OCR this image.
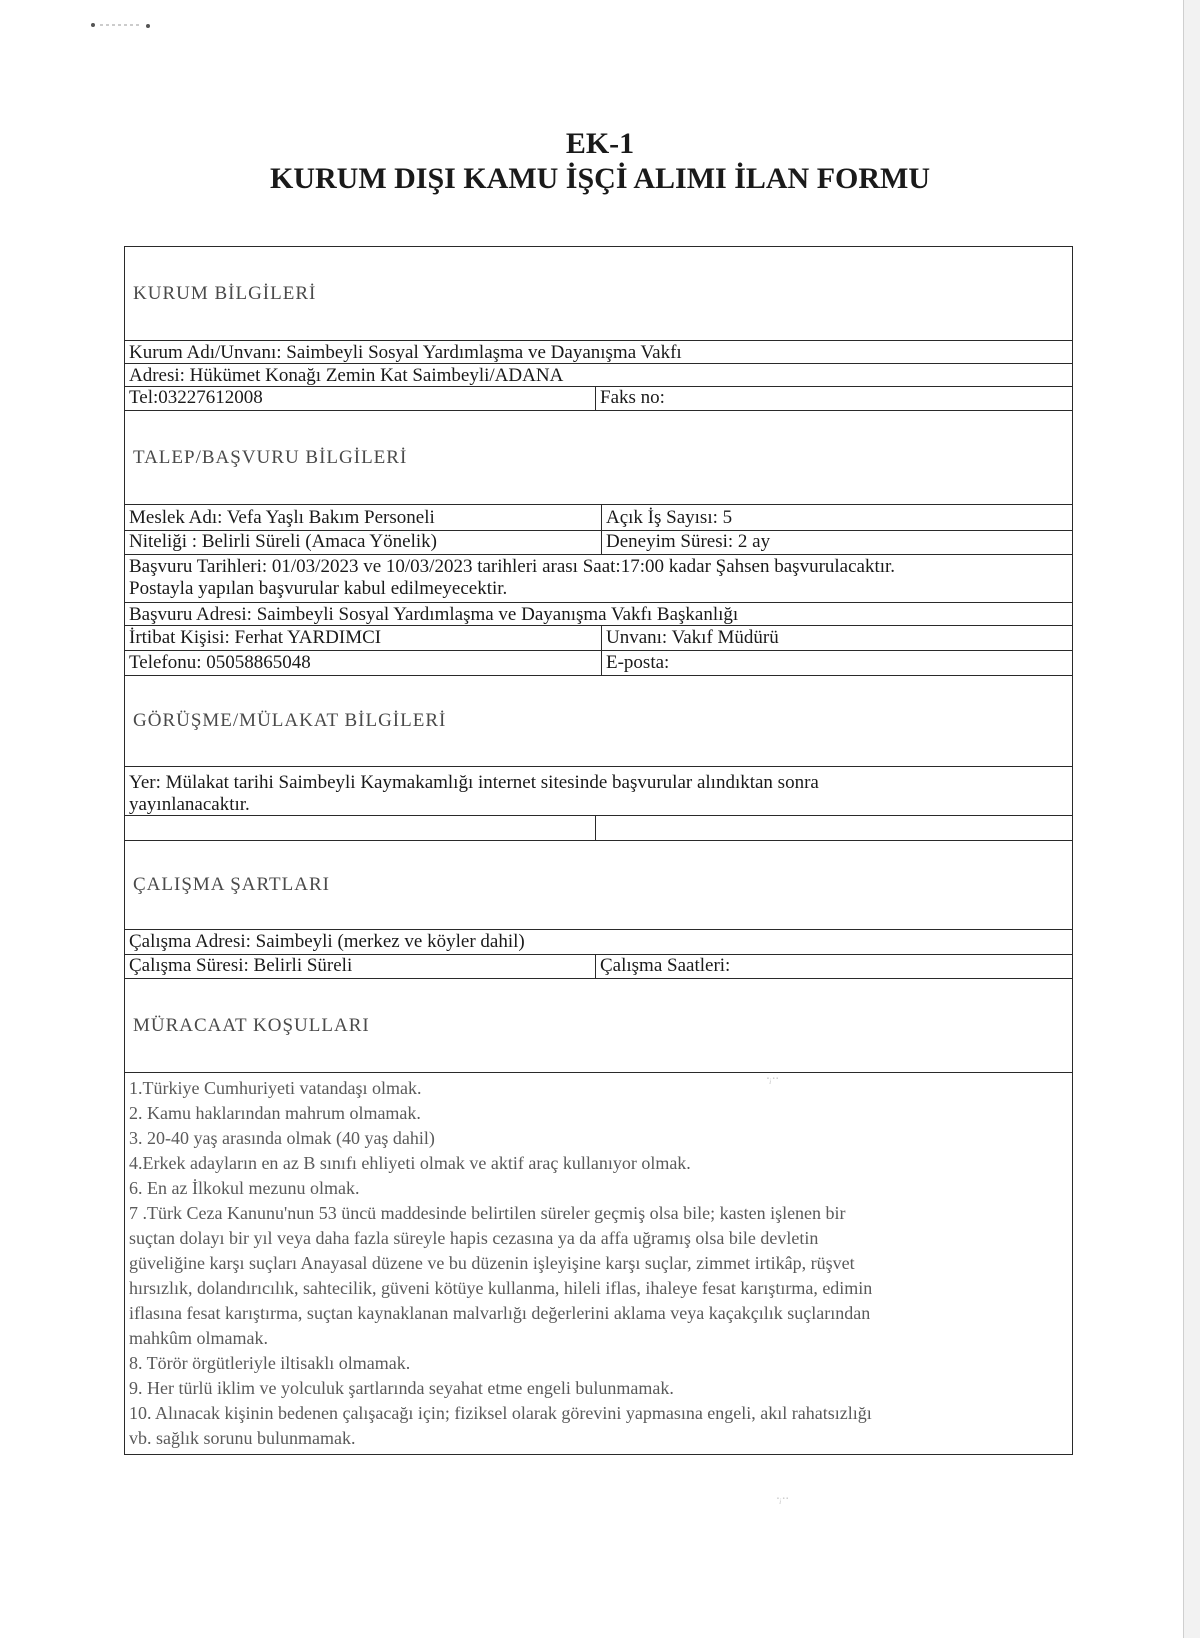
EK-1
KURUM DIŞI KAMU İŞÇİ ALIMI İLAN FORMU
KURUM BİLGİLERİ
Kurum Adı/Unvanı: Saimbeyli Sosyal Yardımlaşma ve Dayanışma Vakfı
Adresi: Hükümet Konağı Zemin Kat Saimbeyli/ADANA
Tel:03227612008	Faks no:
TALEP/BAŞVURU BİLGİLERİ
Meslek Adı: Vefa Yaşlı Bakım Personeli	Açık İş Sayısı: 5
Niteliği : Belirli Süreli (Amaca Yönelik)	Deneyim Süresi: 2 ay
Başvuru Tarihleri: 01/03/2023 ve 10/03/2023 tarihleri arası Saat:17:00 kadar Şahsen başvurulacaktır.
Postayla yapılan başvurular kabul edilmeyecektir.
Başvuru Adresi: Saimbeyli Sosyal Yardımlaşma ve Dayanışma Vakfı Başkanlığı
İrtibat Kişisi: Ferhat YARDIMCI	Unvanı: Vakıf Müdürü
Telefonu: 05058865048	E-posta:
GÖRÜŞME/MÜLAKAT BİLGİLERİ
Yer: Mülakat tarihi Saimbeyli Kaymakamlığı internet sitesinde başvurular alındıktan sonra
yayınlanacaktır.
ÇALIŞMA ŞARTLARI
Çalışma Adresi: Saimbeyli (merkez ve köyler dahil)
Çalışma Süresi: Belirli Süreli	Çalışma Saatleri:
MÜRACAAT KOŞULLARI
1.Türkiye Cumhuriyeti vatandaşı olmak.
2. Kamu haklarından mahrum olmamak.
3. 20-40 yaş arasında olmak (40 yaş dahil)
4.Erkek adayların en az B sınıfı ehliyeti olmak ve aktif araç kullanıyor olmak.
6. En az İlkokul mezunu olmak.
7 .Türk Ceza Kanunu'nun 53 üncü maddesinde belirtilen süreler geçmiş olsa bile; kasten işlenen bir
suçtan dolayı bir yıl veya daha fazla süreyle hapis cezasına ya da affa uğramış olsa bile devletin
güveliğine karşı suçları Anayasal düzene ve bu düzenin işleyişine karşı suçlar, zimmet irtikâp, rüşvet
hırsızlık, dolandırıcılık, sahtecilik, güveni kötüye kullanma, hileli iflas, ihaleye fesat karıştırma, edimin
iflasına fesat karıştırma, suçtan kaynaklanan malvarlığı değerlerini aklama veya kaçakçılık suçlarından
mahkûm olmamak.
8. Törör örgütleriyle iltisaklı olmamak.
9. Her türlü iklim ve yolculuk şartlarında seyahat etme engeli bulunmamak.
10. Alınacak kişinin bedenen çalışacağı için; fiziksel olarak görevini yapmasına engeli, akıl rahatsızlığı
vb. sağlık sorunu bulunmamak.
·ᵢ··
·ᵢ··
